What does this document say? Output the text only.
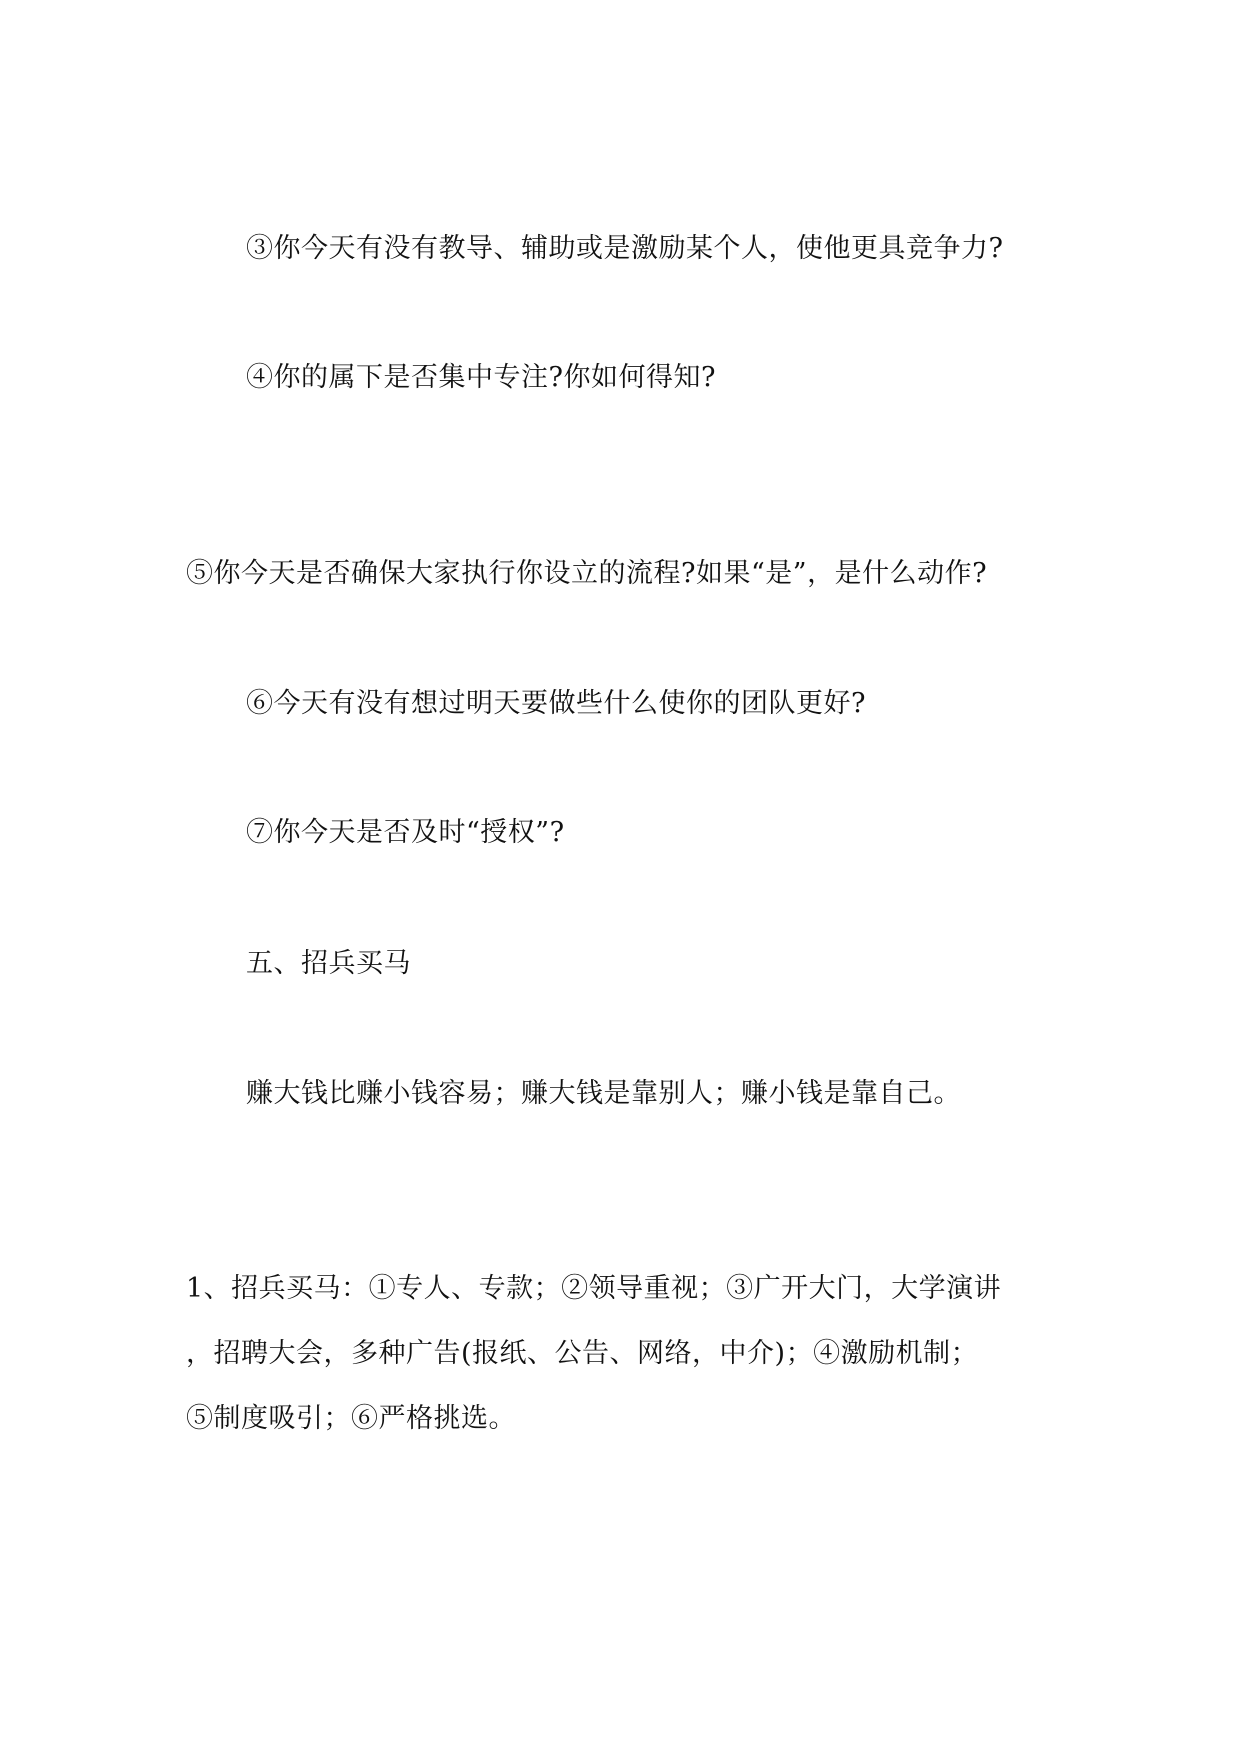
③你今天有没有教导、辅助或是激励某个人，使他更具竞争力?
④你的属下是否集中专注?你如何得知?
⑤你今天是否确保大家执行你设立的流程?如果“是”，是什么动作?
⑥今天有没有想过明天要做些什么使你的团队更好?
⑦你今天是否及时“授权”?
五、招兵买马
赚大钱比赚小钱容易；赚大钱是靠别人；赚小钱是靠自己。
1、招兵买马：①专人、专款；②领导重视；③广开大门，大学演讲
，招聘大会，多种广告(报纸、公告、网络，中介)；④激励机制；
⑤制度吸引；⑥严格挑选。
